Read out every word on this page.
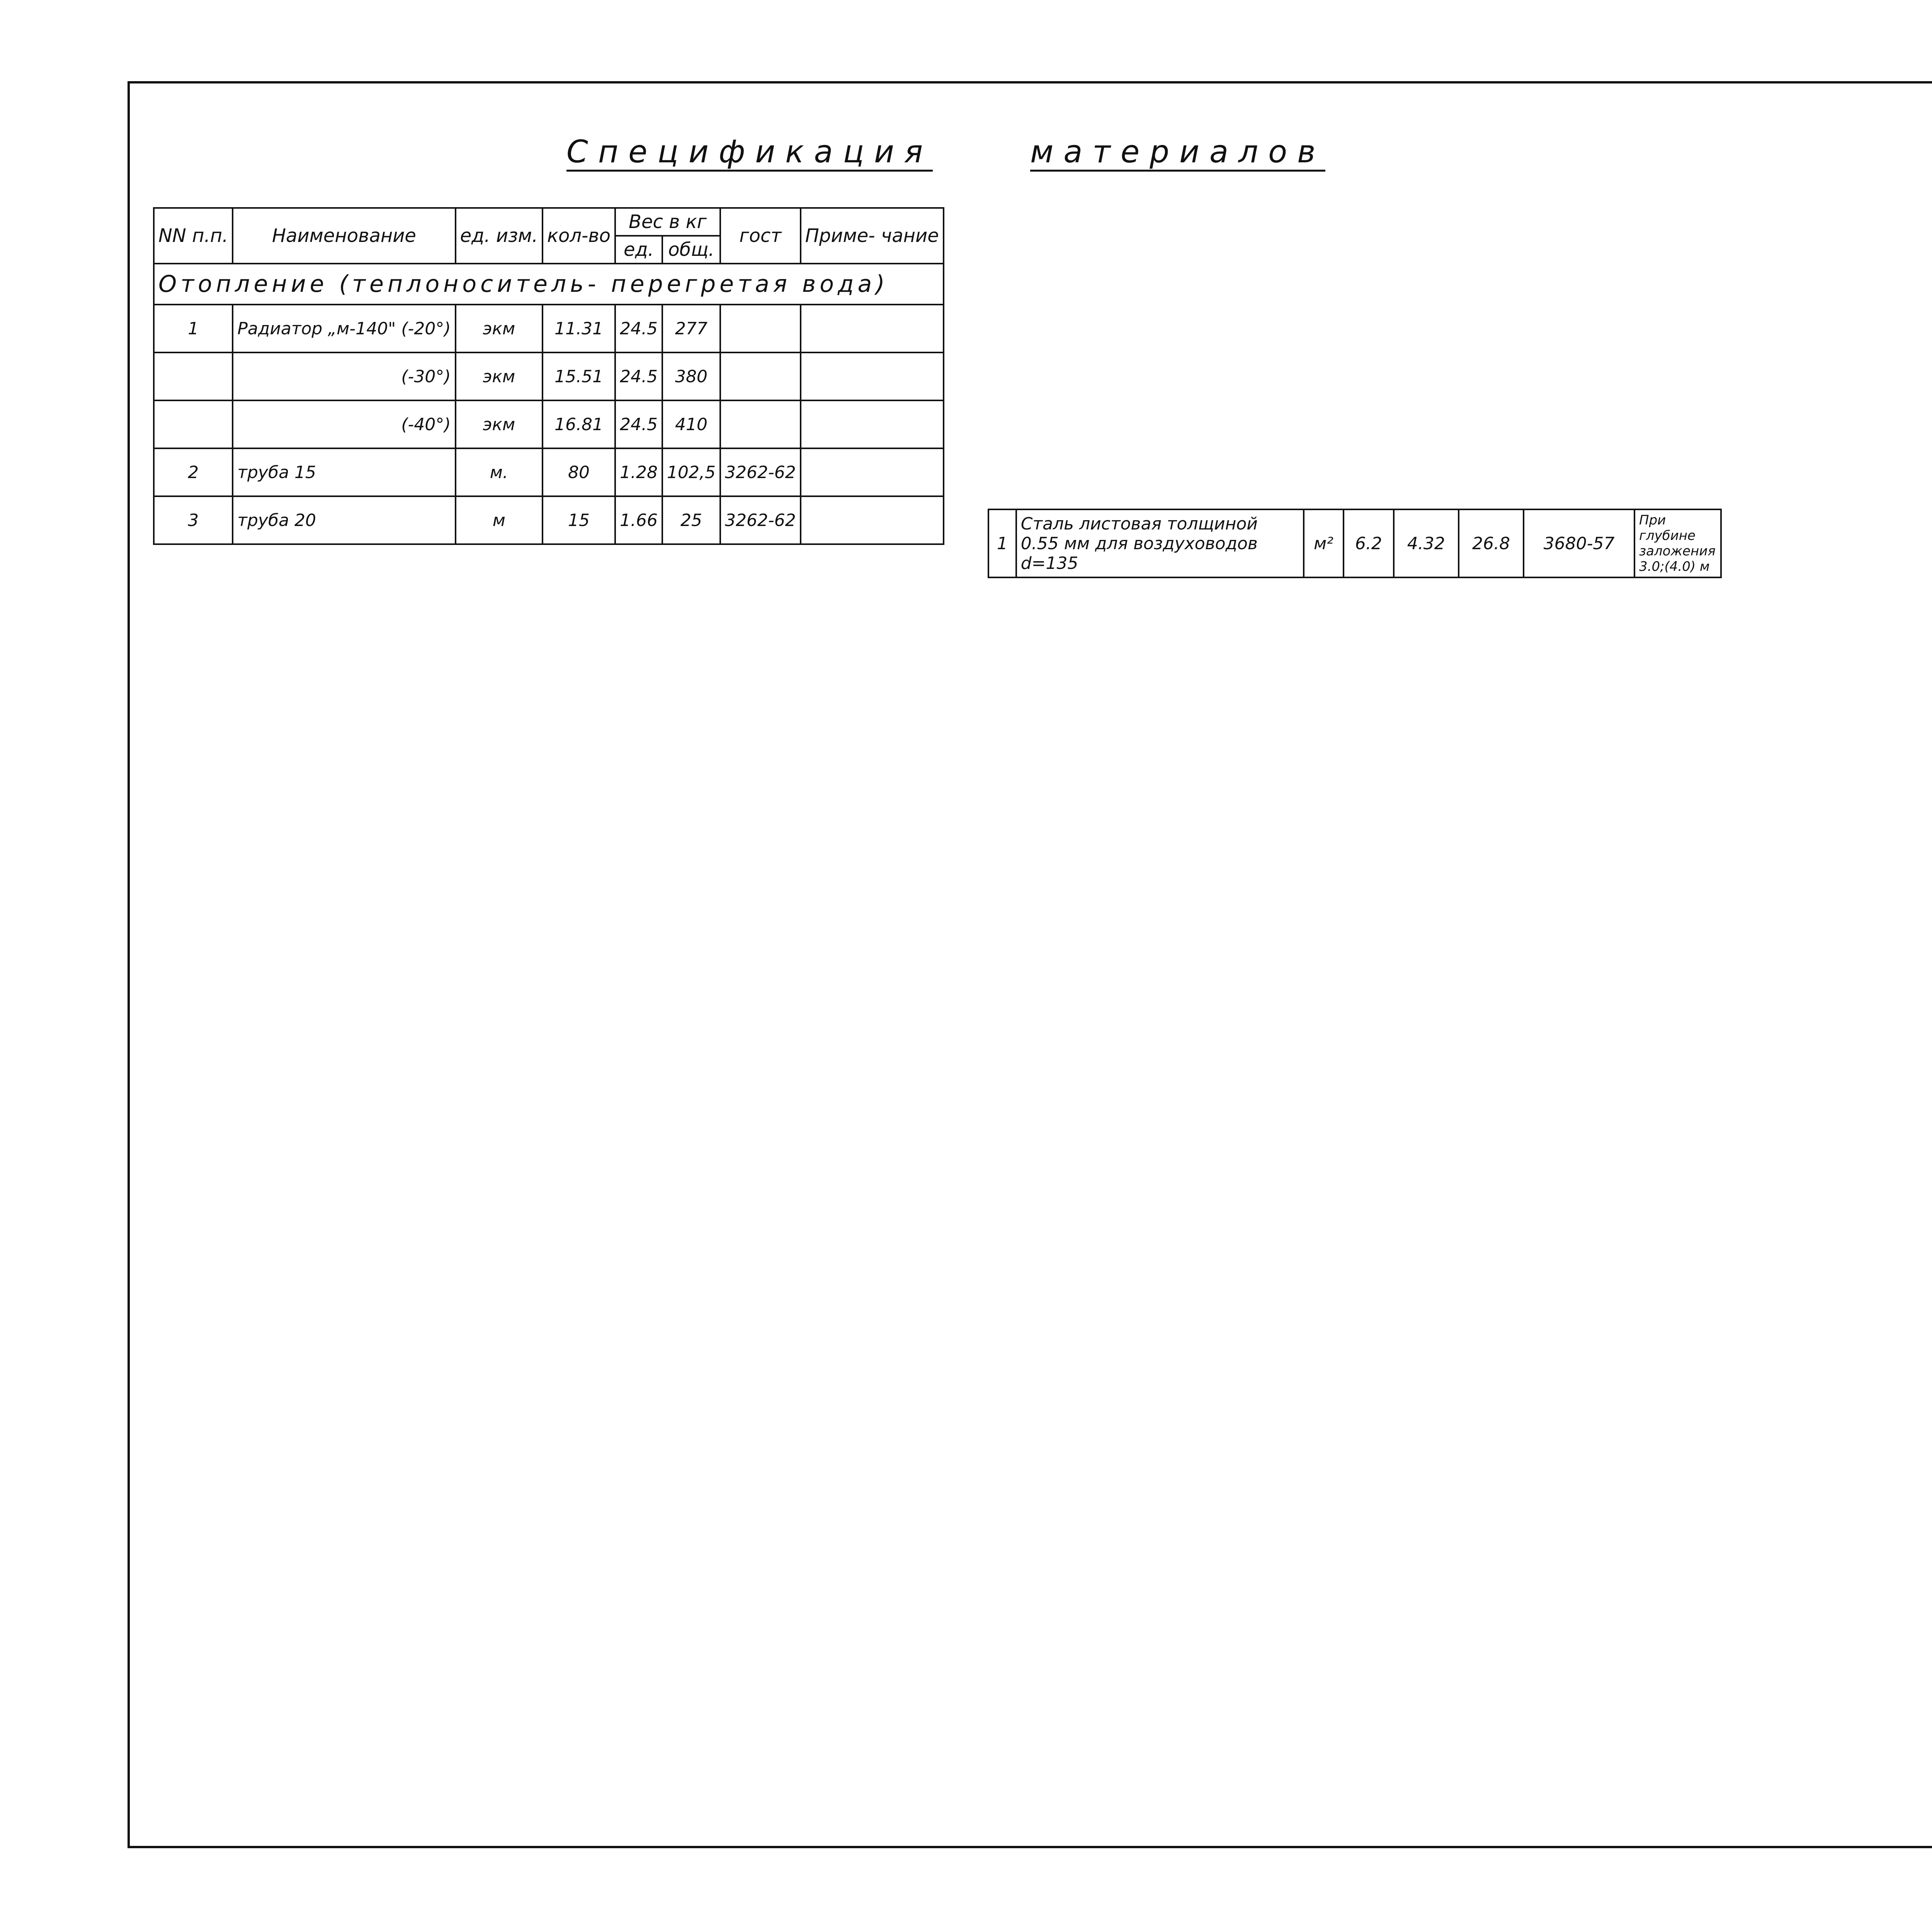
Спецификация	материалов
NN п.п.	Наименование	ед. изм.	кол-во	Вес в кг		гост	Приме- чание
				ед.	общ.		
Отопление (теплоноситель- перегретая вода)							
1	Радиатор „м-140" (-20°)	экм	11.31	24.5	277		
	(-30°)	экм	15.51	24.5	380		
	(-40°)	экм	16.81	24.5	410		
2	труба 15	м.	80	1.28	102,5	3262-62	
3	труба 20	м	15	1.66	25	3262-62	
1	Сталь листовая толщиной 0.55 мм для воздуховодов d=135	м²	6.2	4.32	26.8	3680-57	При глубине заложения 3.0;(4.0) м
